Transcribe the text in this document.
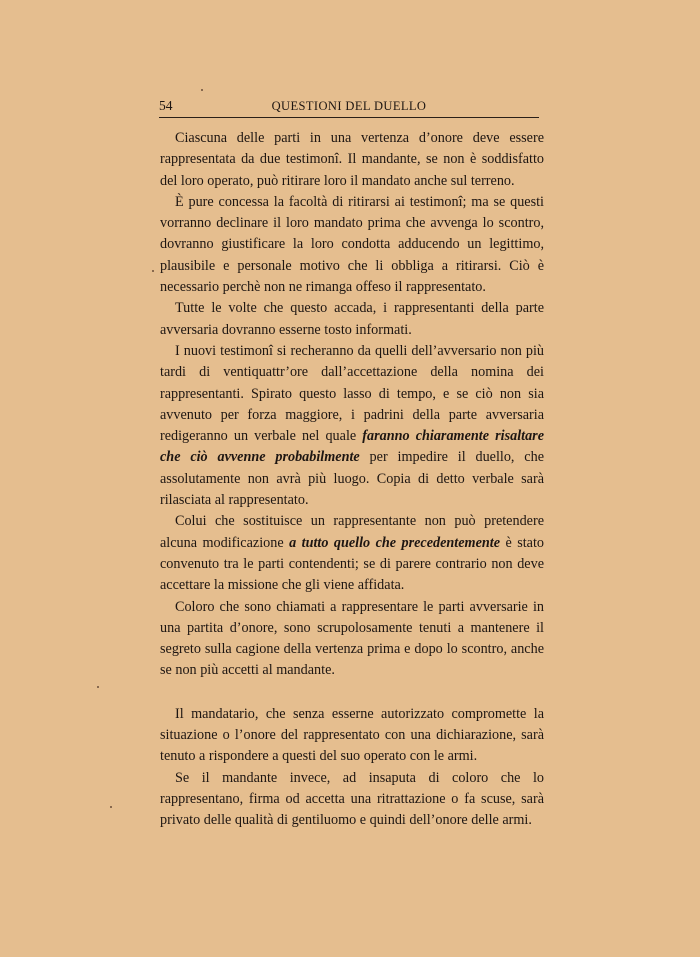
54	QUESTIONI DEL DUELLO

Ciascuna delle parti in una vertenza d’onore deve essere rappresentata da due testimonî. Il mandante, se non è soddisfatto del loro operato, può ritirare loro il mandato anche sul terreno.

È pure concessa la facoltà di ritirarsi ai testimonî; ma se questi vorranno declinare il loro mandato prima che avvenga lo scontro, dovranno giustificare la loro condotta adducendo un legittimo, plausibile e personale motivo che li obbliga a ritirarsi. Ciò è necessario perchè non ne rimanga offeso il rappresentato.

Tutte le volte che questo accada, i rappresentanti della parte avversaria dovranno esserne tosto informati.

I nuovi testimonî si recheranno da quelli dell’avversario non più tardi di ventiquattr’ore dall’accettazione della nomina dei rappresentanti. Spirato questo lasso di tempo, e se ciò non sia avvenuto per forza maggiore, i padrini della parte avversaria redigeranno un verbale nel quale faranno chiaramente risaltare che ciò avvenne probabilmente per impedire il duello, che assolutamente non avrà più luogo. Copia di detto verbale sarà rilasciata al rappresentato.

Colui che sostituisce un rappresentante non può pretendere alcuna modificazione a tutto quello che precedentemente è stato convenuto tra le parti contendenti; se di parere contrario non deve accettare la missione che gli viene affidata.

Coloro che sono chiamati a rappresentare le parti avversarie in una partita d’onore, sono scrupolosamente tenuti a mantenere il segreto sulla cagione della vertenza prima e dopo lo scontro, anche se non più accetti al mandante.

Il mandatario, che senza esserne autorizzato compromette la situazione o l’onore del rappresentato con una dichiarazione, sarà tenuto a rispondere a questi del suo operato con le armi.

Se il mandante invece, ad insaputa di coloro che lo rappresentano, firma od accetta una ritrattazione o fa scuse, sarà privato delle qualità di gentiluomo e quindi dell’onore delle armi.
